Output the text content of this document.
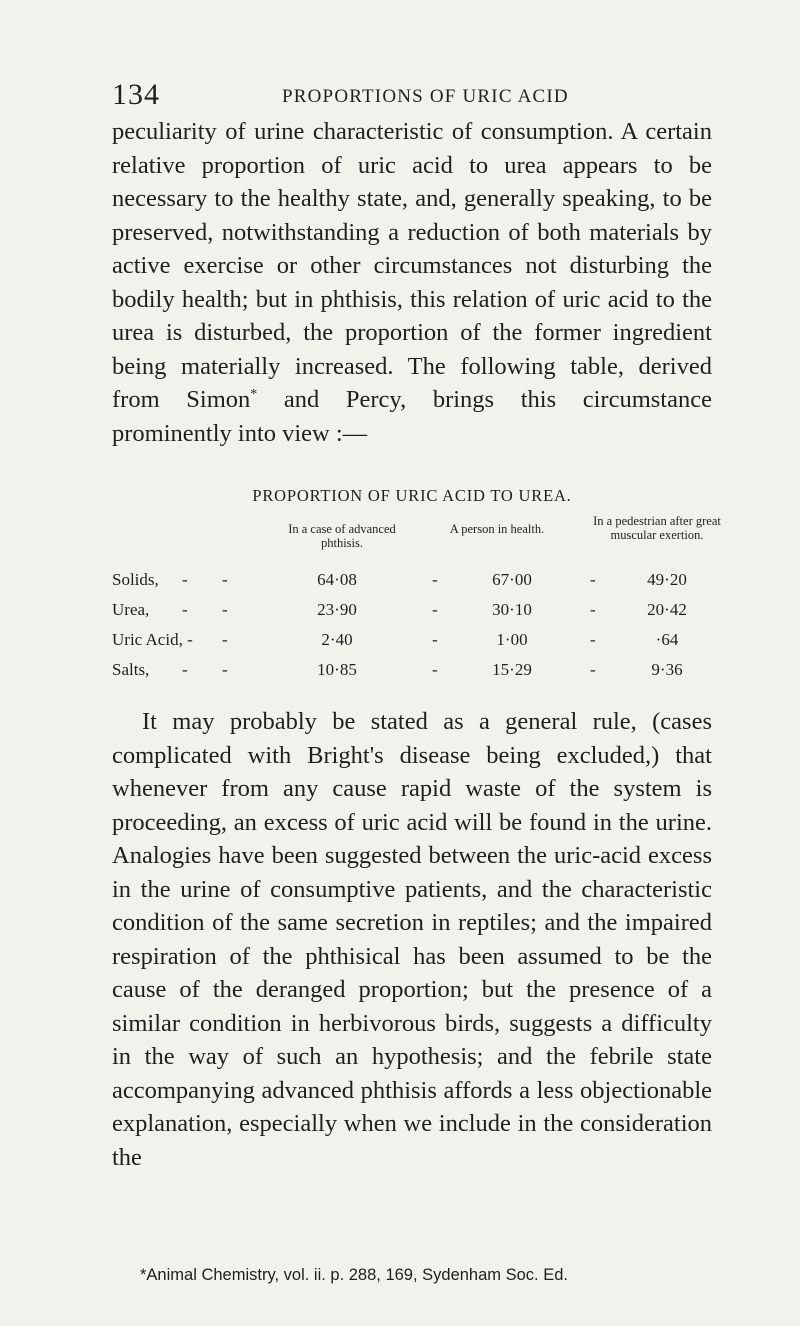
134	PROPORTIONS OF URIC ACID

peculiarity of urine characteristic of consumption. A certain relative proportion of uric acid to urea appears to be necessary to the healthy state, and, generally speaking, to be preserved, notwithstanding a reduction of both materials by active exercise or other circumstances not disturbing the bodily health; but in phthisis, this relation of uric acid to the urea is disturbed, the proportion of the former ingredient being materially increased. The following table, derived from Simon* and Percy, brings this circumstance prominently into view :—

PROPORTION OF URIC ACID TO UREA.
In a case of advanced phthisis.
A person in health.
In a pedestrian after great muscular exertion.
Solids, - -	64·08	-	67·00	-	49·20
Urea, - -	23·90	-	30·10	-	20·42
Uric Acid, - -	2·40	-	1·00	-	·64
Salts, - -	10·85	-	15·29	-	9·36

It may probably be stated as a general rule, (cases complicated with Bright's disease being excluded,) that whenever from any cause rapid waste of the system is proceeding, an excess of uric acid will be found in the urine. Analogies have been suggested between the uric-acid excess in the urine of consumptive patients, and the characteristic condition of the same secretion in reptiles; and the impaired respiration of the phthisical has been assumed to be the cause of the deranged proportion; but the presence of a similar condition in herbivorous birds, suggests a difficulty in the way of such an hypothesis; and the febrile state accompanying advanced phthisis affords a less objectionable explanation, especially when we include in the consideration the

*Animal Chemistry, vol. ii. p. 288, 169, Sydenham Soc. Ed.
